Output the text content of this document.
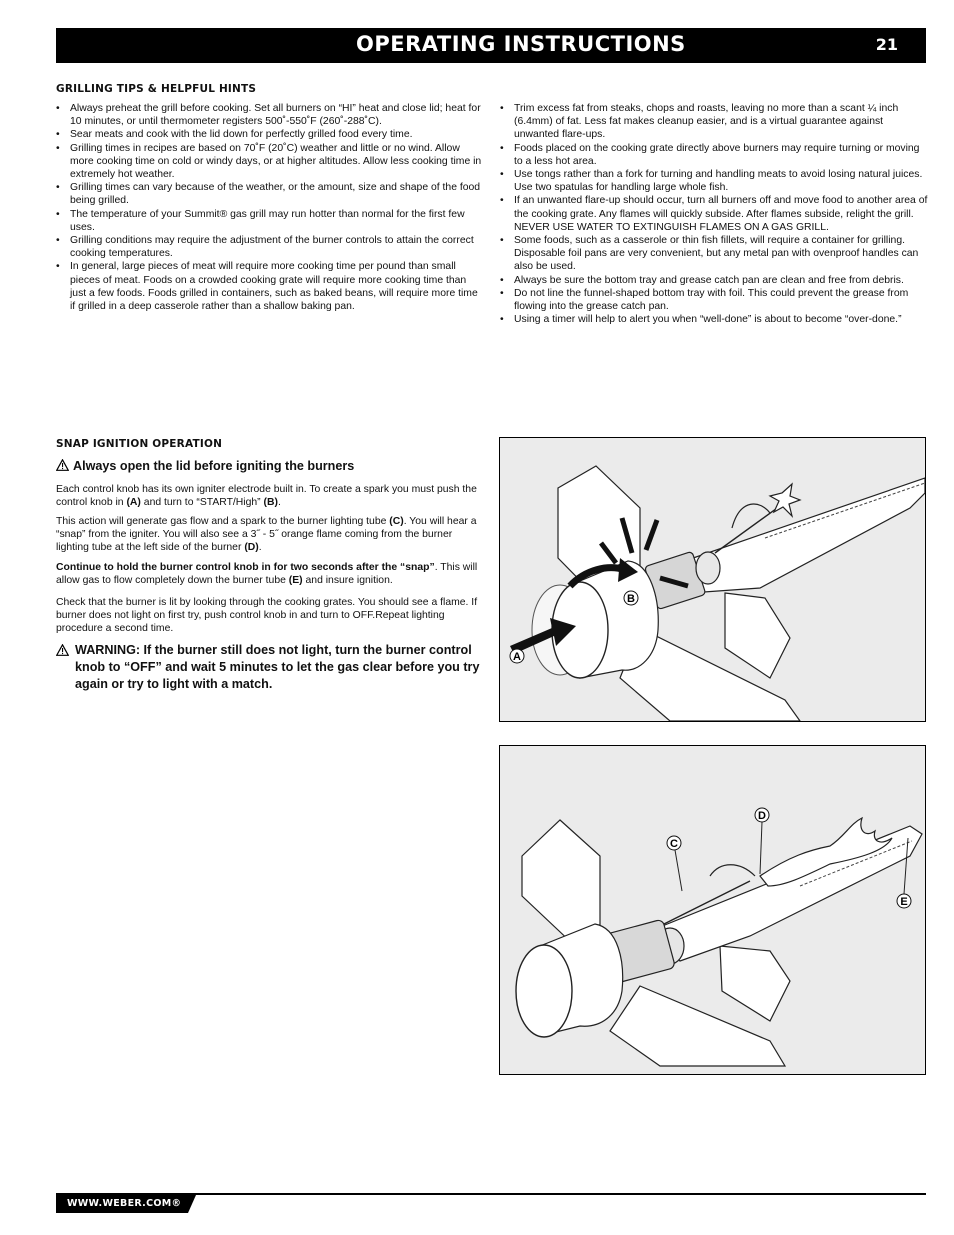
OPERATING INSTRUCTIONS	21
GRILLING TIPS & HELPFUL HINTS
• Always preheat the grill before cooking. Set all burners on “HI” heat and close lid; heat for 10 minutes, or until thermometer registers 500˚-550˚F (260˚-288˚C).
• Sear meats and cook with the lid down for perfectly grilled food every time.
• Grilling times in recipes are based on 70˚F (20˚C) weather and little or no wind. Allow more cooking time on cold or windy days, or at higher altitudes. Allow less cooking time in extremely hot weather.
• Grilling times can vary because of the weather, or the amount, size and shape of the food being grilled.
• The temperature of your Summit® gas grill may run hotter than normal for the first few uses.
• Grilling conditions may require the adjustment of the burner controls to attain the correct cooking temperatures.
• In general, large pieces of meat will require more cooking time per pound than small pieces of meat. Foods on a crowded cooking grate will require more cooking time than just a few foods. Foods grilled in containers, such as baked beans, will require more time if grilled in a deep casserole rather than a shallow baking pan.
• Trim excess fat from steaks, chops and roasts, leaving no more than a scant ¼ inch (6.4mm) of fat. Less fat makes cleanup easier, and is a virtual guarantee against unwanted flare-ups.
• Foods placed on the cooking grate directly above burners may require turning or moving to a less hot area.
• Use tongs rather than a fork for turning and handling meats to avoid losing natural juices. Use two spatulas for handling large whole fish.
• If an unwanted flare-up should occur, turn all burners off and move food to another area of the cooking grate. Any flames will quickly subside. After flames subside, relight the grill. NEVER USE WATER TO EXTINGUISH FLAMES ON A GAS GRILL.
• Some foods, such as a casserole or thin fish fillets, will require a container for grilling. Disposable foil pans are very convenient, but any metal pan with ovenproof handles can also be used.
• Always be sure the bottom tray and grease catch pan are clean and free from debris.
• Do not line the funnel-shaped bottom tray with foil. This could prevent the grease from flowing into the grease catch pan.
• Using a timer will help to alert you when “well-done” is about to become “over-done.”
SNAP IGNITION OPERATION
Always open the lid before igniting the burners

Each control knob has its own igniter electrode built in. To create a spark you must push the control knob in (A) and turn to “START/High” (B).

This action will generate gas flow and a spark to the burner lighting tube (C). You will hear a “snap” from the igniter. You will also see a 3˝ - 5˝ orange flame coming from the burner lighting tube at the left side of the burner (D).

Continue to hold the burner control knob in for two seconds after the “snap”. This will allow gas to flow completely down the burner tube (E) and insure ignition.

Check that the burner is lit by looking through the cooking grates. You should see a flame. If burner does not light on first try, push control knob in and turn to OFF.Repeat lighting procedure a second time.

WARNING: If the burner still does not light, turn the burner control knob to “OFF” and wait 5 minutes to let the gas clear before you try again or try to light with a match.
B
A
C
D
E
WWW.WEBER.COM®
